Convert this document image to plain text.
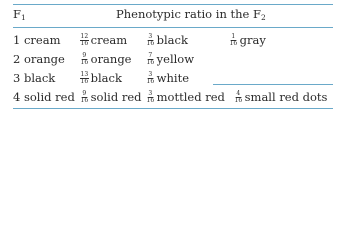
$F_1$	Phenotypic ratio in the $F_2$
1 cream	$\frac{12}{16}$ cream	$\frac{3}{16}$ black	$\frac{1}{16}$ gray
2 orange	$\frac{9}{16}$ orange $\frac{7}{16}$ yellow
3 black	$\frac{13}{16}$ black	$\frac{3}{16}$ white
4 solid red $\frac{9}{16}$ solid red $\frac{3}{16}$ mottled red $\frac{4}{16}$ small red dots
